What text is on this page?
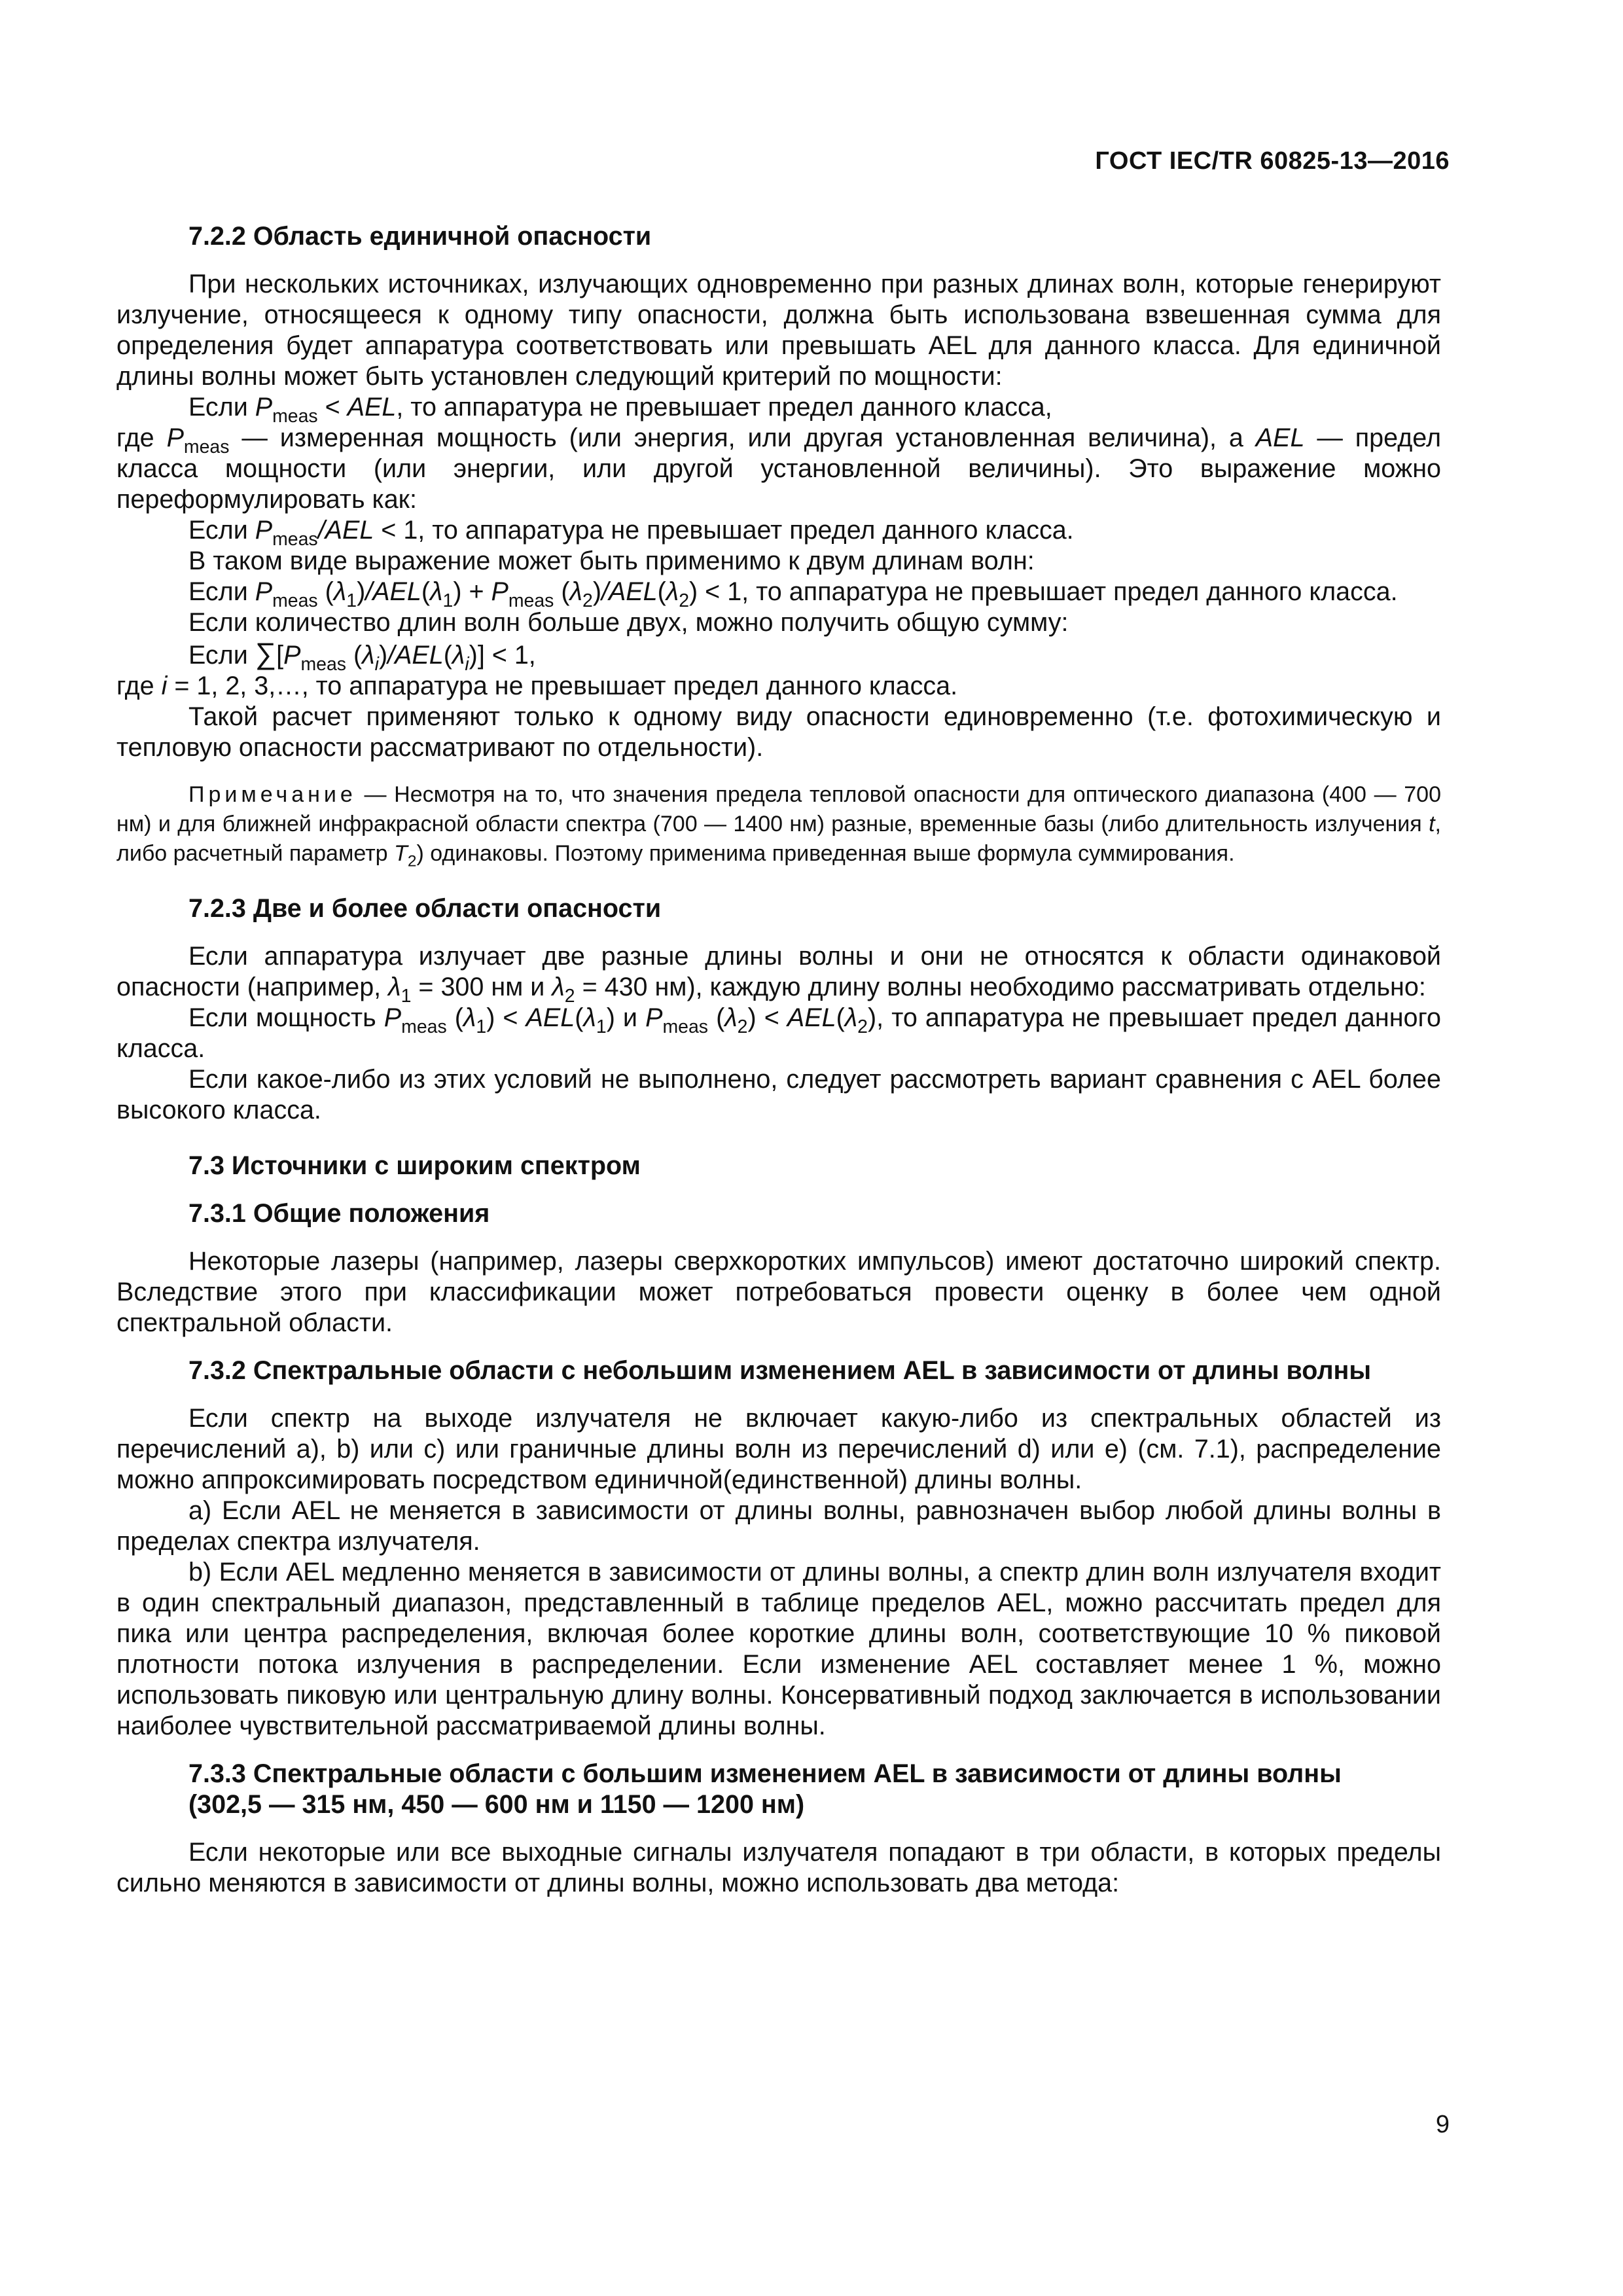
ГОСТ IEC/TR 60825-13—2016
7.2.2 Область единичной опасности

При нескольких источниках, излучающих одновременно при разных длинах волн, которые генерируют излучение, относящееся к одному типу опасности, должна быть использована взвешенная сумма для определения будет аппаратура соответствовать или превышать AEL для данного класса. Для единичной длины волны может быть установлен следующий критерий по мощности:

Если $P_{meas}$ < AEL, то аппаратура не превышает предел данного класса,

где $P_{meas}$ — измеренная мощность (или энергия, или другая установленная величина), а AEL — предел класса мощности (или энергии, или другой установленной величины). Это выражение можно переформулировать как:

Если $P_{meas}$/AEL < 1, то аппаратура не превышает предел данного класса.

В таком виде выражение может быть применимо к двум длинам волн:

Если $P_{meas}$ $(\lambda_1)/AEL(\lambda_1) + P_{meas}$ $(\lambda_2)/AEL(\lambda_2) < 1$, то аппаратура не превышает предел данного класса.

Если количество длин волн больше двух, можно получить общую сумму:

Если $\sum[P_{meas}$ $(\lambda_i)/AEL(\lambda_i)] < 1$,

где i = 1, 2, 3,…, то аппаратура не превышает предел данного класса.

Такой расчет применяют только к одному виду опасности единовременно (т.е. фотохимическую и тепловую опасности рассматривают по отдельности).

Примечание — Несмотря на то, что значения предела тепловой опасности для оптического диапазона (400 — 700 нм) и для ближней инфракрасной области спектра (700 — 1400 нм) разные, временные базы (либо длительность излучения t, либо расчетный параметр $T_2$) одинаковы. Поэтому применима приведенная выше формула суммирования.

7.2.3 Две и более области опасности

Если аппаратура излучает две разные длины волны и они не относятся к области одинаковой опасности (например, $\lambda_1 = 300$ нм и $\lambda_2 = 430$ нм), каждую длину волны необходимо рассматривать отдельно:

Если мощность $P_{meas}$ $(\lambda_1) < AEL(\lambda_1)$ и $P_{meas}$ $(\lambda_2) < AEL(\lambda_2)$, то аппаратура не превышает предел данного класса.

Если какое-либо из этих условий не выполнено, следует рассмотреть вариант сравнения с AEL более высокого класса.

7.3 Источники с широким спектром
7.3.1 Общие положения

Некоторые лазеры (например, лазеры сверхкоротких импульсов) имеют достаточно широкий спектр. Вследствие этого при классификации может потребоваться провести оценку в более чем одной спектральной области.

7.3.2 Спектральные области с небольшим изменением AEL в зависимости от длины волны

Если спектр на выходе излучателя не включает какую-либо из спектральных областей из перечислений a), b) или c) или граничные длины волн из перечислений d) или e) (см. 7.1), распределение можно аппроксимировать посредством единичной(единственной) длины волны.

a) Если AEL не меняется в зависимости от длины волны, равнозначен выбор любой длины волны в пределах спектра излучателя.

b) Если AEL медленно меняется в зависимости от длины волны, а спектр длин волн излучателя входит в один спектральный диапазон, представленный в таблице пределов AEL, можно рассчитать предел для пика или центра распределения, включая более короткие длины волн, соответствующие 10 % пиковой плотности потока излучения в распределении. Если изменение AEL составляет менее 1 %, можно использовать пиковую или центральную длину волны. Консервативный подход заключается в использовании наиболее чувствительной рассматриваемой длины волны.

7.3.3 Спектральные области с большим изменением AEL в зависимости от длины волны
(302,5 — 315 нм, 450 — 600 нм и 1150 — 1200 нм)

Если некоторые или все выходные сигналы излучателя попадают в три области, в которых пределы сильно меняются в зависимости от длины волны, можно использовать два метода:

9
